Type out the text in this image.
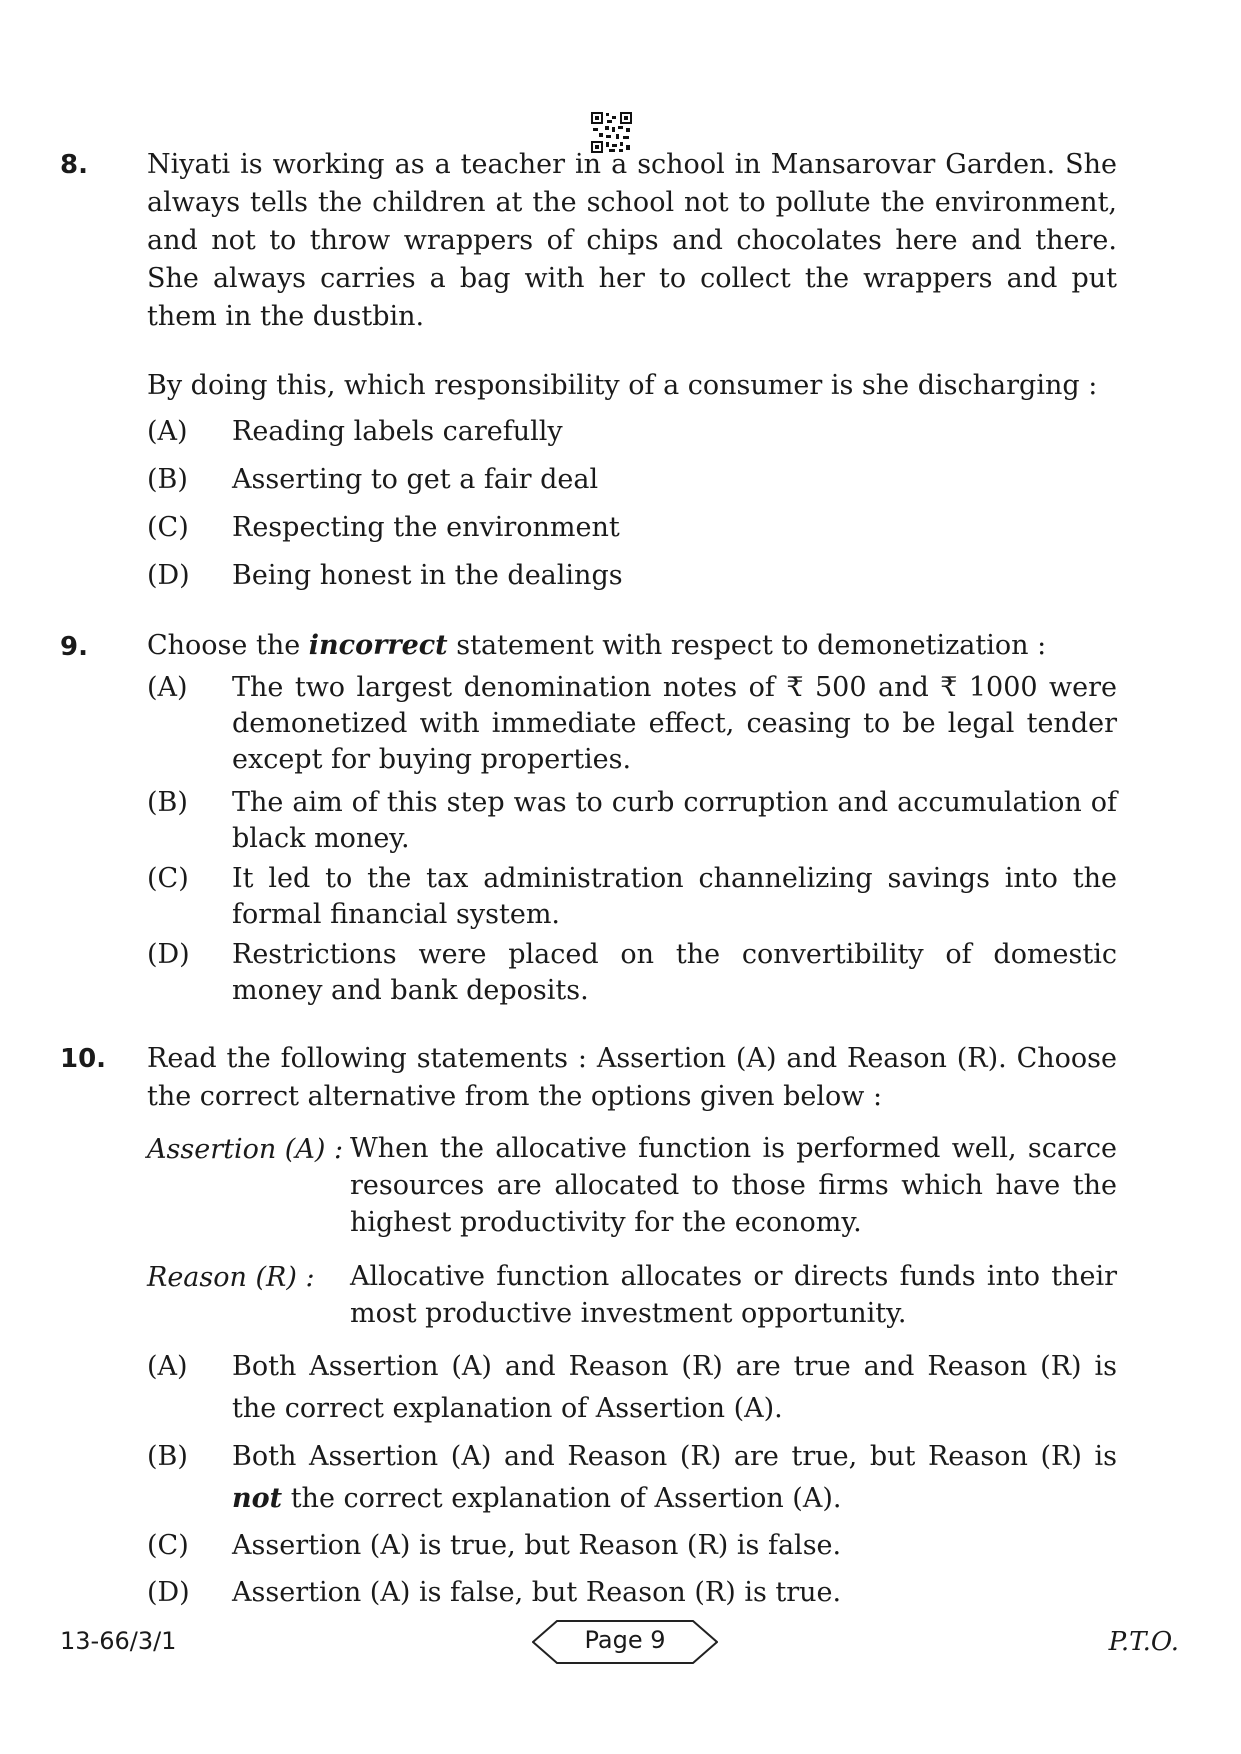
8. Niyati is working as a teacher in a school in Mansarovar Garden. She always tells the children at the school not to pollute the environment, and not to throw wrappers of chips and chocolates here and there. She always carries a bag with her to collect the wrappers and put them in the dustbin.

By doing this, which responsibility of a consumer is she discharging :
(A) Reading labels carefully
(B) Asserting to get a fair deal
(C) Respecting the environment
(D) Being honest in the dealings
9. Choose the incorrect statement with respect to demonetization :
(A) The two largest denomination notes of ₹ 500 and ₹ 1000 were demonetized with immediate effect, ceasing to be legal tender except for buying properties.
(B) The aim of this step was to curb corruption and accumulation of black money.
(C) It led to the tax administration channelizing savings into the formal financial system.
(D) Restrictions were placed on the convertibility of domestic money and bank deposits.
10. Read the following statements : Assertion (A) and Reason (R). Choose the correct alternative from the options given below :
Assertion (A) : When the allocative function is performed well, scarce resources are allocated to those firms which have the highest productivity for the economy.
Reason (R) : Allocative function allocates or directs funds into their most productive investment opportunity.
(A) Both Assertion (A) and Reason (R) are true and Reason (R) is the correct explanation of Assertion (A).
(B) Both Assertion (A) and Reason (R) are true, but Reason (R) is not the correct explanation of Assertion (A).
(C) Assertion (A) is true, but Reason (R) is false.
(D) Assertion (A) is false, but Reason (R) is true.
13-66/3/1	Page 9	P.T.O.
